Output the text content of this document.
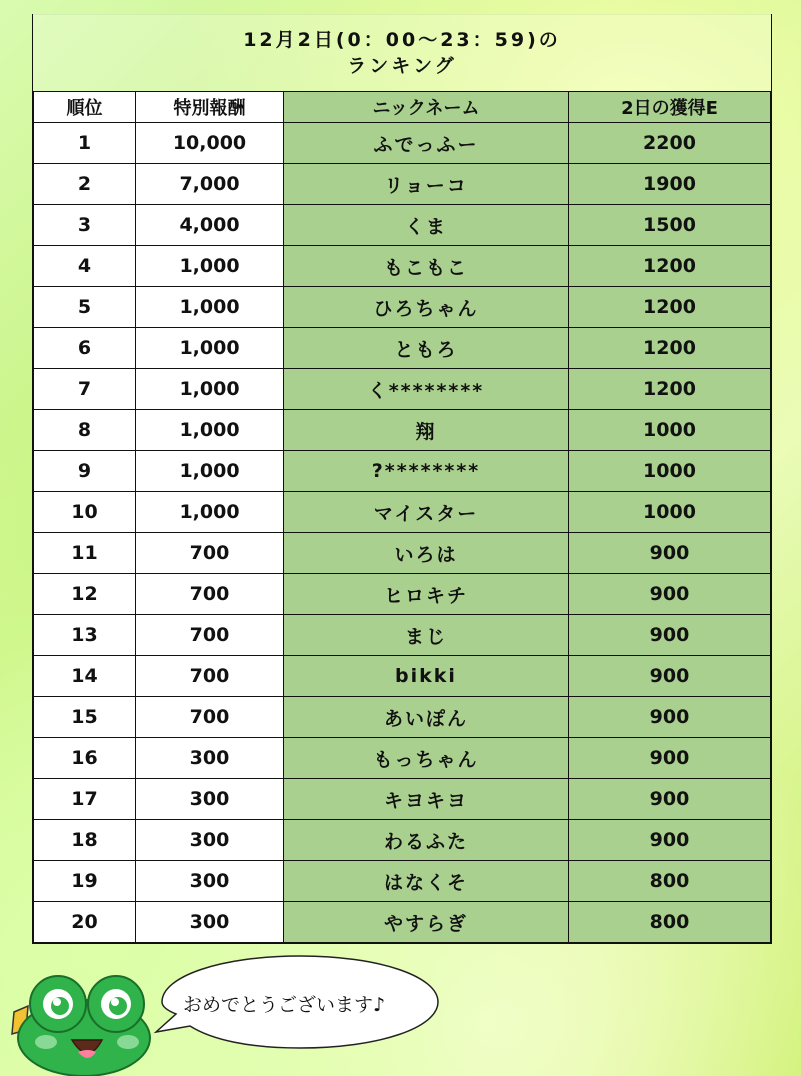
12月2日(0：00～23：59)の
ランキング
順位	特別報酬	ニックネーム	2日の獲得E
1	10,000	ふでっふー	2200
2	7,000	リョーコ	1900
3	4,000	くま	1500
4	1,000	もこもこ	1200
5	1,000	ひろちゃん	1200
6	1,000	ともろ	1200
7	1,000	く********	1200
8	1,000	翔	1000
9	1,000	?********	1000
10	1,000	マイスター	1000
11	700	いろは	900
12	700	ヒロキチ	900
13	700	まじ	900
14	700	bikki	900
15	700	あいぽん	900
16	300	もっちゃん	900
17	300	キヨキヨ	900
18	300	わるふた	900
19	300	はなくそ	800
20	300	やすらぎ	800
おめでとうございます♪
